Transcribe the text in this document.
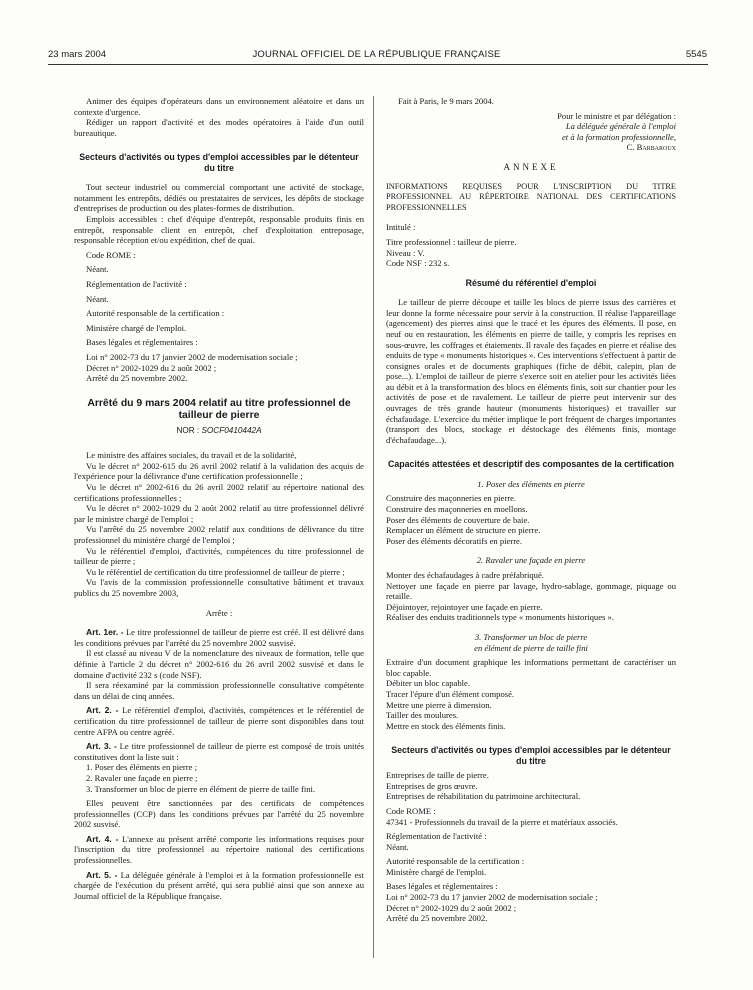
23 mars 2004	JOURNAL OFFICIEL DE LA RÉPUBLIQUE FRANÇAISE	5545

Animer des équipes d'opérateurs dans un environnement aléatoire et dans un contexte d'urgence.

Rédiger un rapport d'activité et des modes opératoires à l'aide d'un outil bureautique.

Secteurs d'activités ou types d'emploi accessibles par le détenteur du titre

Tout secteur industriel ou commercial comportant une activité de stockage, notamment les entrepôts, dédiés ou prestataires de services, les dépôts de stockage d'entreprises de production ou des plates-formes de distribution.

Emplois accessibles : chef d'équipe d'entrepôt, responsable produits finis en entrepôt, responsable client en entrepôt, chef d'exploitation entreposage, responsable réception et/ou expédition, chef de quai.

Code ROME :

Néant.

Réglementation de l'activité :

Néant.

Autorité responsable de la certification :

Ministère chargé de l'emploi.

Bases légales et réglementaires :

Loi n° 2002-73 du 17 janvier 2002 de modernisation sociale ;

Décret n° 2002-1029 du 2 août 2002 ;

Arrêté du 25 novembre 2002.

Arrêté du 9 mars 2004 relatif au titre professionnel de tailleur de pierre
NOR : SOCF0410442A

Le ministre des affaires sociales, du travail et de la solidarité,

Vu le décret n° 2002-615 du 26 avril 2002 relatif à la validation des acquis de l'expérience pour la délivrance d'une certification professionnelle ;

Vu le décret n° 2002-616 du 26 avril 2002 relatif au répertoire national des certifications professionnelles ;

Vu le décret n° 2002-1029 du 2 août 2002 relatif au titre professionnel délivré par le ministre chargé de l'emploi ;

Vu l'arrêté du 25 novembre 2002 relatif aux conditions de délivrance du titre professionnel du ministère chargé de l'emploi ;

Vu le référentiel d'emploi, d'activités, compétences du titre professionnel de tailleur de pierre ;

Vu le référentiel de certification du titre professionnel de tailleur de pierre ;

Vu l'avis de la commission professionnelle consultative bâtiment et travaux publics du 25 novembre 2003,

Arrête :

Art. 1er. - Le titre professionnel de tailleur de pierre est créé. Il est délivré dans les conditions prévues par l'arrêté du 25 novembre 2002 susvisé.

Il est classé au niveau V de la nomenclature des niveaux de formation, telle que définie à l'article 2 du décret n° 2002-616 du 26 avril 2002 susvisé et dans le domaine d'activité 232 s (code NSF).

Il sera réexaminé par la commission professionnelle consultative compétente dans un délai de cinq années.

Art. 2. - Le référentiel d'emploi, d'activités, compétences et le référentiel de certification du titre professionnel de tailleur de pierre sont disponibles dans tout centre AFPA ou centre agréé.

Art. 3. - Le titre professionnel de tailleur de pierre est composé de trois unités constitutives dont la liste suit :

1. Poser des éléments en pierre ;

2. Ravaler une façade en pierre ;

3. Transformer un bloc de pierre en élément de pierre de taille fini.

Elles peuvent être sanctionnées par des certificats de compétences professionnelles (CCP) dans les conditions prévues par l'arrêté du 25 novembre 2002 susvisé.

Art. 4. - L'annexe au présent arrêté comporte les informations requises pour l'inscription du titre professionnel au répertoire national des certifications professionnelles.

Art. 5. - La déléguée générale à l'emploi et à la formation professionnelle est chargée de l'exécution du présent arrêté, qui sera publié ainsi que son annexe au Journal officiel de la République française.

Fait à Paris, le 9 mars 2004.

Pour le ministre et par délégation :

La déléguée générale à l'emploi

et à la formation professionnelle,

C. Barbaroux

ANNEXE

INFORMATIONS REQUISES POUR L'INSCRIPTION DU TITRE PROFESSIONNEL AU RÉPERTOIRE NATIONAL DES CERTIFICATIONS PROFESSIONNELLES

Intitulé :

Titre professionnel : tailleur de pierre.

Niveau : V.

Code NSF : 232 s.

Résumé du référentiel d'emploi

Le tailleur de pierre découpe et taille les blocs de pierre issus des carrières et leur donne la forme nécessaire pour servir à la construction. Il réalise l'appareillage (agencement) des pierres ainsi que le tracé et les épures des éléments. Il pose, en neuf ou en restauration, les éléments en pierre de taille, y compris les reprises en sous-œuvre, les coffrages et étaiements. Il ravale des façades en pierre et réalise des enduits de type « monuments historiques ». Ces interventions s'effectuent à partir de consignes orales et de documents graphiques (fiche de débit, calepin, plan de pose...). L'emploi de tailleur de pierre s'exerce soit en atelier pour les activités liées au débit et à la transformation des blocs en éléments finis, soit sur chantier pour les activités de pose et de ravalement. Le tailleur de pierre peut intervenir sur des ouvrages de très grande hauteur (monuments historiques) et travailler sur échafaudage. L'exercice du métier implique le port fréquent de charges importantes (transport des blocs, stockage et déstockage des éléments finis, montage d'échafaudage...).

Capacités attestées et descriptif des composantes de la certification

1. Poser des éléments en pierre

Construire des maçonneries en pierre.

Construire des maçonneries en moellons.

Poser des éléments de couverture de baie.

Remplacer un élément de structure en pierre.

Poser des éléments décoratifs en pierre.

2. Ravaler une façade en pierre

Monter des échafaudages à cadre préfabriqué.

Nettoyer une façade en pierre par lavage, hydro-sablage, gommage, piquage ou retaille.

Déjointoyer, rejointoyer une façade en pierre.

Réaliser des enduits traditionnels type « monuments historiques ».

3. Transformer un bloc de pierre

en élément de pierre de taille fini

Extraire d'un document graphique les informations permettant de caractériser un bloc capable.

Débiter un bloc capable.

Tracer l'épure d'un élément composé.

Mettre une pierre à dimension.

Tailler des moulures.

Mettre en stock des éléments finis.

Secteurs d'activités ou types d'emploi accessibles par le détenteur du titre

Entreprises de taille de pierre.

Entreprises de gros œuvre.

Entreprises de réhabilitation du patrimoine architectural.

Code ROME :

47341 - Professionnels du travail de la pierre et matériaux associés.

Réglementation de l'activité :

Néant.

Autorité responsable de la certification :

Ministère chargé de l'emploi.

Bases légales et réglementaires :

Loi n° 2002-73 du 17 janvier 2002 de modernisation sociale ;

Décret n° 2002-1029 du 2 août 2002 ;

Arrêté du 25 novembre 2002.
